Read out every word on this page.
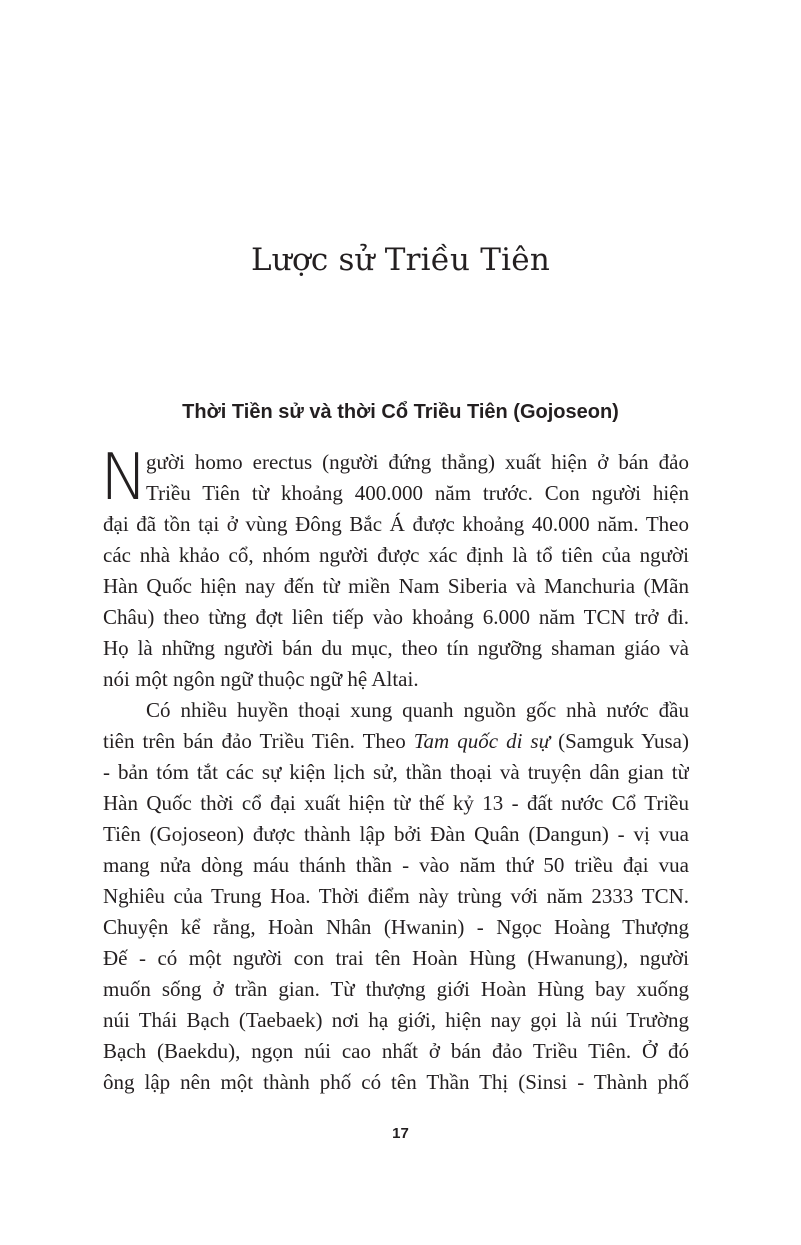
Lược sử Triều Tiên
Thời Tiền sử và thời Cổ Triều Tiên (Gojoseon)
N
gười homo erectus (người đứng thẳng) xuất hiện ở bán đảo
Triều Tiên từ khoảng 400.000 năm trước. Con người hiện
đại đã tồn tại ở vùng Đông Bắc Á được khoảng 40.000 năm. Theo
các nhà khảo cổ, nhóm người được xác định là tổ tiên của người
Hàn Quốc hiện nay đến từ miền Nam Siberia và Manchuria (Mãn
Châu) theo từng đợt liên tiếp vào khoảng 6.000 năm TCN trở đi.
Họ là những người bán du mục, theo tín ngưỡng shaman giáo và
nói một ngôn ngữ thuộc ngữ hệ Altai.
Có nhiều huyền thoại xung quanh nguồn gốc nhà nước đầu
tiên trên bán đảo Triều Tiên. Theo Tam quốc di sự (Samguk Yusa)
- bản tóm tắt các sự kiện lịch sử, thần thoại và truyện dân gian từ
Hàn Quốc thời cổ đại xuất hiện từ thế kỷ 13 - đất nước Cổ Triều
Tiên (Gojoseon) được thành lập bởi Đàn Quân (Dangun) - vị vua
mang nửa dòng máu thánh thần - vào năm thứ 50 triều đại vua
Nghiêu của Trung Hoa. Thời điểm này trùng với năm 2333 TCN.
Chuyện kể rằng, Hoàn Nhân (Hwanin) - Ngọc Hoàng Thượng
Đế - có một người con trai tên Hoàn Hùng (Hwanung), người
muốn sống ở trần gian. Từ thượng giới Hoàn Hùng bay xuống
núi Thái Bạch (Taebaek) nơi hạ giới, hiện nay gọi là núi Trường
Bạch (Baekdu), ngọn núi cao nhất ở bán đảo Triều Tiên. Ở đó
ông lập nên một thành phố có tên Thần Thị (Sinsi - Thành phố

17
